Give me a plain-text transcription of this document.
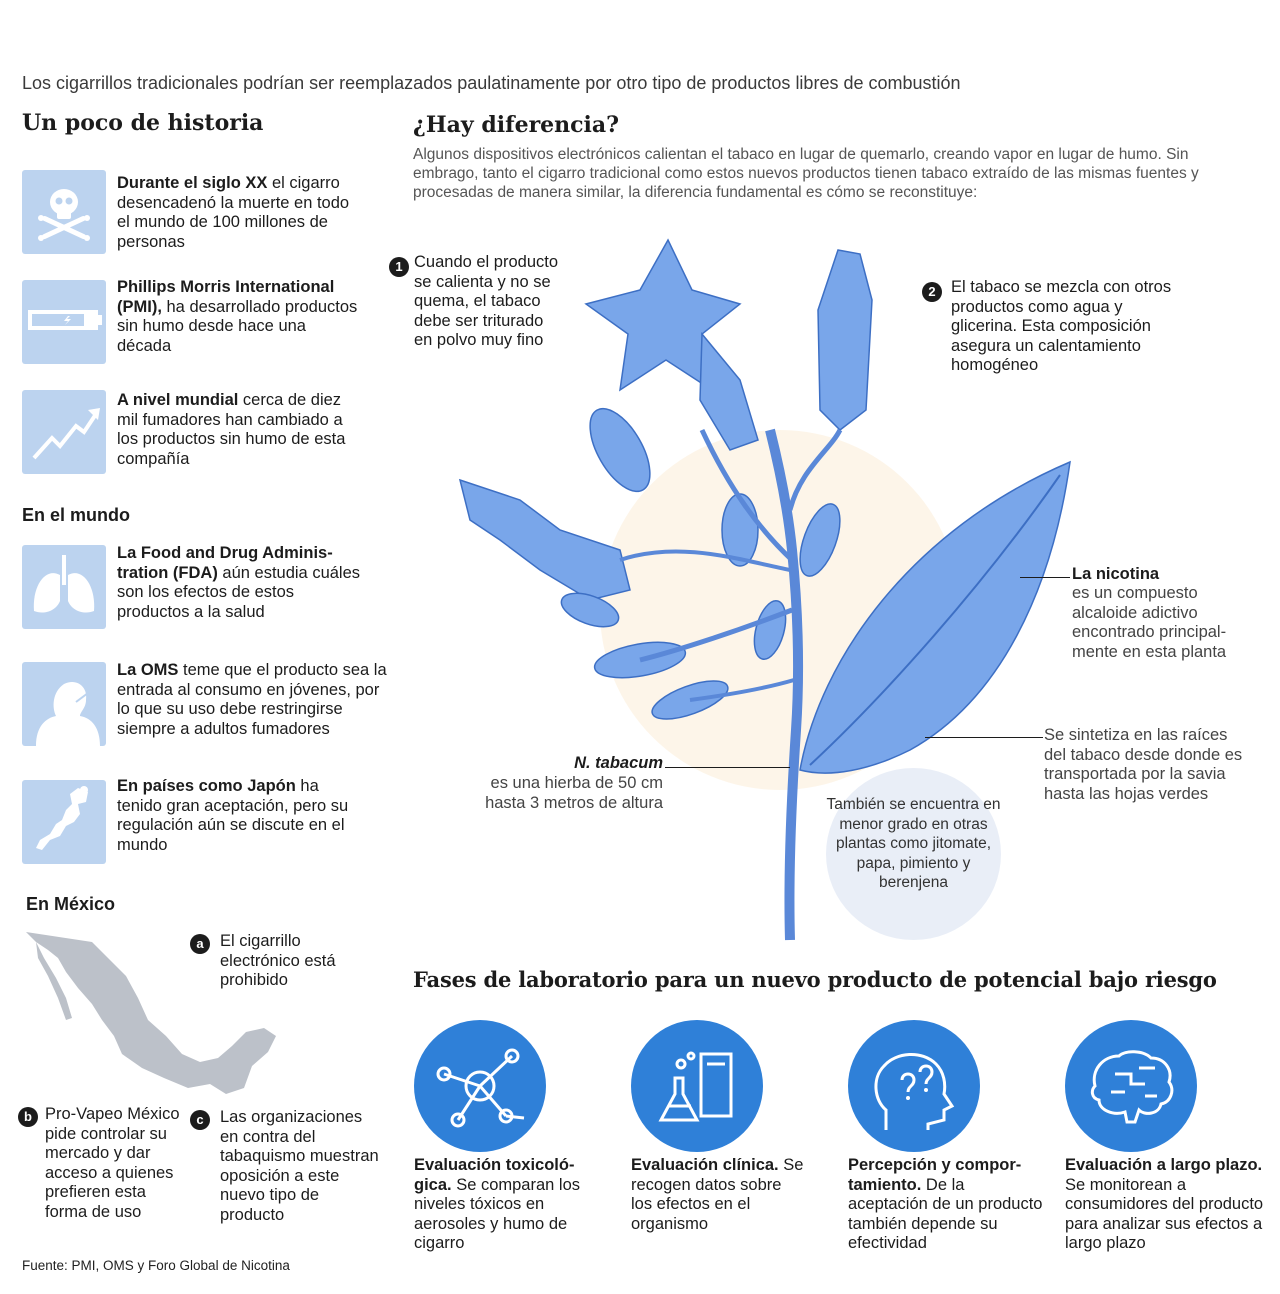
Los cigarrillos tradicionales podrían ser reemplazados paulatinamente por otro tipo de productos libres de combustión
Un poco de historia
Durante el siglo XX el cigarro desencadenó la muerte en todo el mundo de 100 millones de personas
Phillips Morris International (PMI), ha desarrollado productos sin humo desde hace una década
A nivel mundial cerca de diez mil fumadores han cambiado a los productos sin humo de esta compañía
En el mundo
La Food and Drug Adminis-tration (FDA) aún estudia cuáles son los efectos de estos productos a la salud
La OMS teme que el producto sea la entrada al consumo en jóvenes, por lo que su uso debe restringirse siempre a adultos fumadores
En países como Japón ha tenido gran aceptación, pero su regulación aún se discute en el mundo
En México
a El cigarrillo electrónico está prohibido
b Pro-Vapeo México pide controlar su mercado y dar acceso a quienes prefieren esta forma de uso
c Las organizaciones en contra del tabaquismo muestran oposición a este nuevo tipo de producto
Fuente: PMI, OMS y Foro Global de Nicotina
¿Hay diferencia?
Algunos dispositivos electrónicos calientan el tabaco en lugar de quemarlo, creando vapor en lugar de humo. Sin embrago, tanto el cigarro tradicional como estos nuevos productos tienen tabaco extraído de las mismas fuentes y procesadas de manera similar, la diferencia fundamental es cómo se reconstituye:
1 Cuando el producto se calienta y no se quema, el tabaco debe ser triturado en polvo muy fino
2 El tabaco se mezcla con otros productos como agua y glicerina. Esta composición asegura un calentamiento homogéneo
La nicotina
es un compuesto alcaloide adictivo encontrado principal-mente en esta planta
Se sintetiza en las raíces del tabaco desde donde es transportada por la savia hasta las hojas verdes
N. tabacum
es una hierba de 50 cm hasta 3 metros de altura	También se encuentra en menor grado en otras plantas como jitomate, papa, pimiento y berenjena
Fases de laboratorio para un nuevo producto de potencial bajo riesgo
Evaluación toxicoló-gica. Se comparan los niveles tóxicos en aerosoles y humo de cigarro
Evaluación clínica. Se recogen datos sobre los efectos en el organismo
Percepción y compor-tamiento. De la aceptación de un producto también depende su efectividad
Evaluación a largo plazo. Se monitorean a consumidores del producto para analizar sus efectos a largo plazo
